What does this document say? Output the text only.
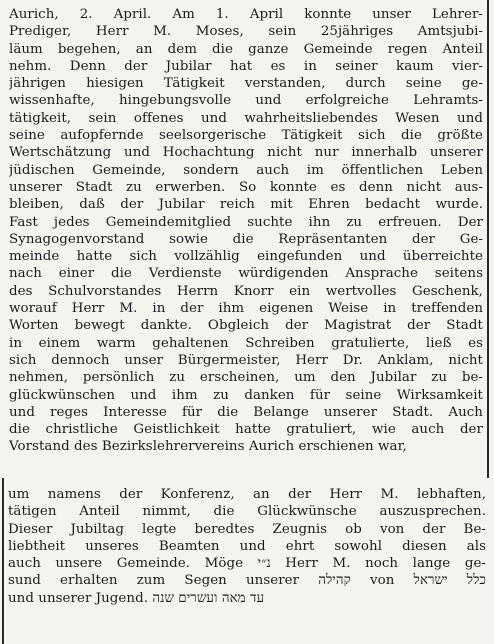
Aurich, 2. April. Am 1. April konnte unser Lehrer-
Prediger, Herr M. Moses, sein 25jähriges Amtsjubi-
läum begehen, an dem die ganze Gemeinde regen Anteil
nehm. Denn der Jubilar hat es in seiner kaum vier-
jährigen hiesigen Tätigkeit verstanden, durch seine ge-
wissenhafte, hingebungsvolle und erfolgreiche Lehramts-
tätigkeit, sein offenes und wahrheitsliebendes Wesen und
seine aufopfernde seelsorgerische Tätigkeit sich die größte
Wertschätzung und Hochachtung nicht nur innerhalb unserer
jüdischen Gemeinde, sondern auch im öffentlichen Leben
unserer Stadt zu erwerben. So konnte es denn nicht aus-
bleiben, daß der Jubilar reich mit Ehren bedacht wurde.
Fast jedes Gemeindemitglied suchte ihn zu erfreuen. Der
Synagogenvorstand sowie die Repräsentanten der Ge-
meinde hatte sich vollzählig eingefunden und überreichte
nach einer die Verdienste würdigenden Ansprache seitens
des Schulvorstandes Herrn Knorr ein wertvolles Geschenk,
worauf Herr M. in der ihm eigenen Weise in treffenden
Worten bewegt dankte. Obgleich der Magistrat der Stadt
in einem warm gehaltenen Schreiben gratulierte, ließ es
sich dennoch unser Bürgermeister, Herr Dr. Anklam, nicht
nehmen, persönlich zu erscheinen, um den Jubilar zu be-
glückwünschen und ihm zu danken für seine Wirksamkeit
und reges Interesse für die Belange unserer Stadt. Auch
die christliche Geistlichkeit hatte gratuliert, wie auch der
Vorstand des Bezirkslehrervereins Aurich erschienen war,
um namens der Konferenz, an der Herr M. lebhaften,
tätigen Anteil nimmt, die Glückwünsche auszusprechen.
Dieser Jubiltag legte beredtes Zeugnis ob von der Be-
liebtheit unseres Beamten und ehrt sowohl diesen als
auch unsere Gemeinde. Möge נ״י Herr M. noch lange ge-
sund erhalten zum Segen unserer קהילה von כלל ישראל
und unserer Jugend. עד מאה ועשרים שנה
